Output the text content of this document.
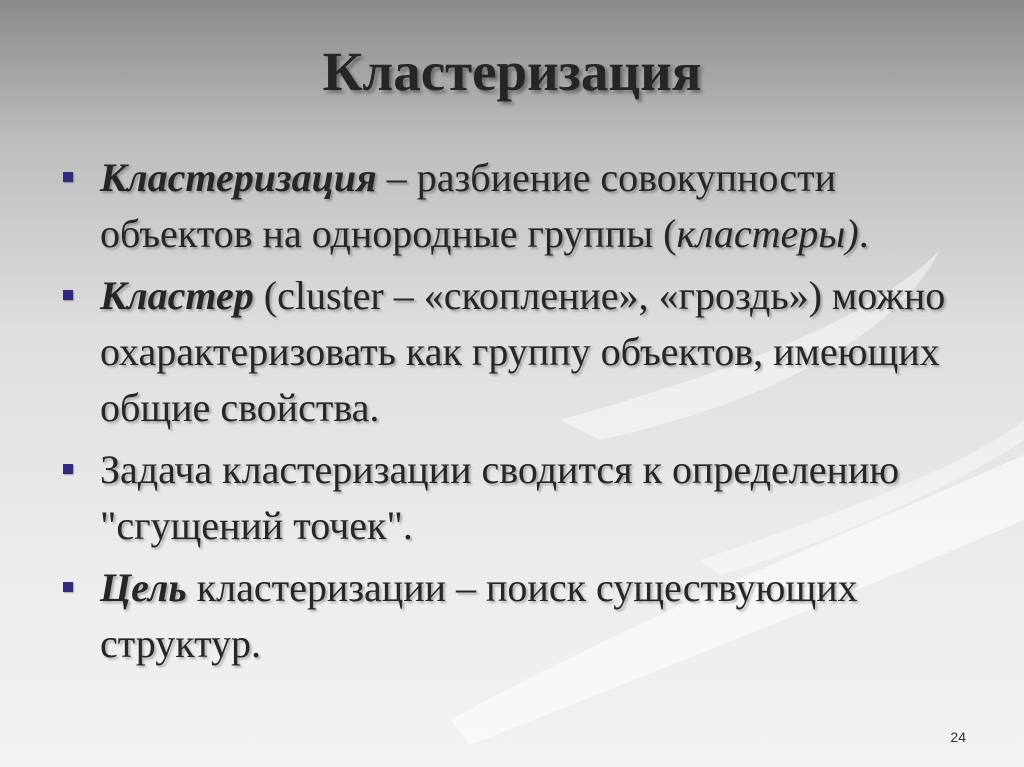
Кластеризация
Кластеризация – разбиение совокупности объектов на однородные группы (кластеры).
Кластер (cluster – «скопление», «гроздь») можно охарактеризовать как группу объектов, имеющих общие свойства.
Задача кластеризации сводится к определению "сгущений точек".
Цель кластеризации – поиск существующих структур.
24
